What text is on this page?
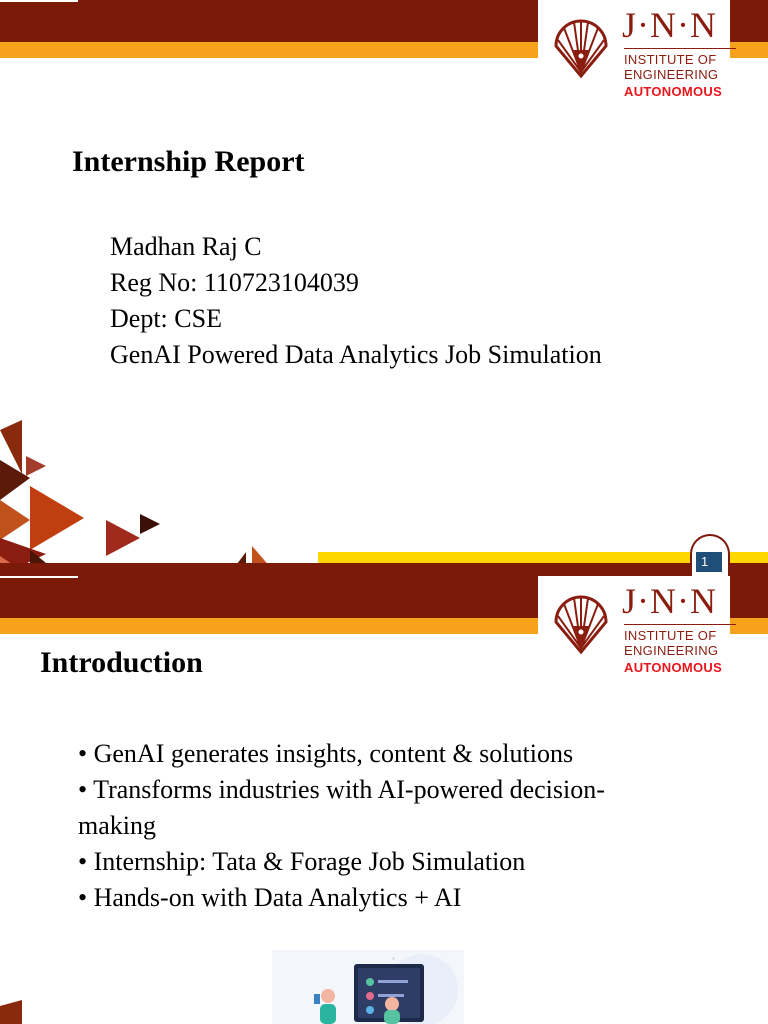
J·N·N
INSTITUTE OF
ENGINEERING
AUTONOMOUS
Internship Report
Madhan Raj C
Reg No: 110723104039
Dept: CSE
GenAI Powered Data Analytics Job Simulation
1
J·N·N
INSTITUTE OF
ENGINEERING
AUTONOMOUS
Introduction
• GenAI generates insights, content & solutions
• Transforms industries with AI-powered decision-
making
• Internship: Tata & Forage Job Simulation
• Hands-on with Data Analytics + AI
°
